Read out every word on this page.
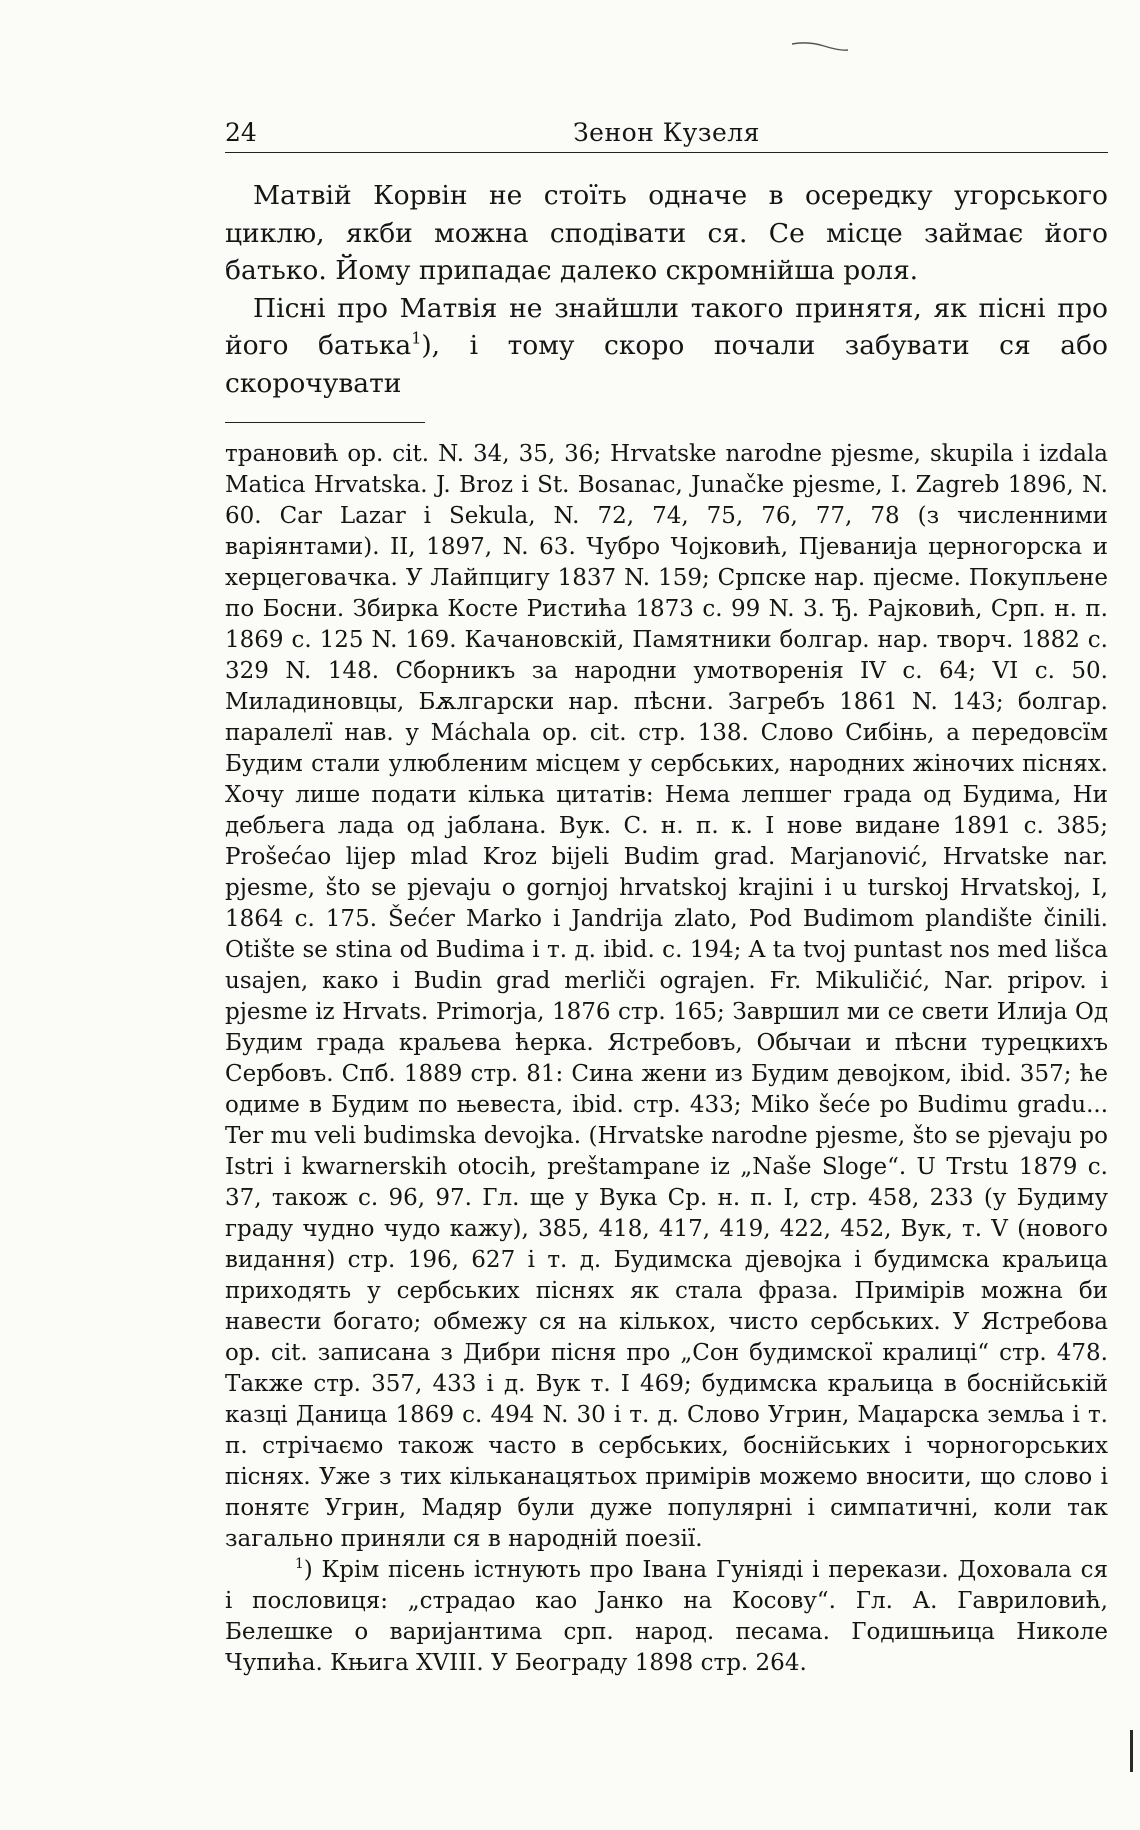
24	Зенон Кузеля

Матвій Корвін не стоїть одначе в осередку угорського циклю, якби можна сподівати ся. Се місце займає його батько. Йому припадає далеко скромнійша роля.

Пісні про Матвія не знайшли такого принятя, як пісні про його батька$^1$), і тому скоро почали забувати ся або скорочувати

трановић op. cit. N. 34, 35, 36; Hrvatske narodne pjesme, skupila i izdala Matica Hrvatska. J. Broz i St. Bosanac, Junačke pjesme, I. Zagreb 1896, N. 60. Car Lazar i Sekula, N. 72, 74, 75, 76, 77, 78 (з численними варіянтами). II, 1897, N. 63. Чубро Чојковић, Пјеванија церногорска и херцеговачка. У Лайпцигу 1837 N. 159; Српске нар. пјесме. Покупљене по Босни. Збирка Косте Ристића 1873 с. 99 N. 3. Ђ. Рајковић, Срп. н. п. 1869 с. 125 N. 169. Качановскій, Памятники болгар. нар. творч. 1882 с. 329 N. 148. Сборникъ за народни умотворенія IV с. 64; VI с. 50. Миладиновцы, Бѫлгарски нар. пѣсни. Загребъ 1861 N. 143; болгар. паралелї нав. у Máchala op. cit. стр. 138. Слово Сибінь, а передовсїм Будим стали улюбленим місцем у сербських, народних жіночих піснях. Хочу лише подати кілька цитатів: Нема лепшег града од Будима, Ни дебљега лада од јаблана. Вук. С. н. п. к. I нове видане 1891 с. 385; Prošećao lijep mlad Kroz bijeli Budim grad. Marjanović, Hrvatske nar. pjesme, što se pjevaju o gornjoj hrvatskoj krajini i u turskoj Hrvatskoj, I, 1864 c. 175. Šećer Marko i Jandrija zlato, Pod Budimom plandište činili. Otište se stina od Budima i т. д. ibid. c. 194; A ta tvoj puntast nos med lišca usajen, како i Budin grad merliči ograjen. Fr. Mikuličić, Nar. pripov. i pjesme iz Hrvats. Primorja, 1876 стр. 165; Завршил ми се свети Илија Од Будим града краљева ћерка. Ястребовъ, Обычаи и пѣсни турецкихъ Сербовъ. Спб. 1889 стр. 81: Сина жени из Будим девојком, ibid. 357; ће одиме в Будим по њевеста, ibid. стр. 433; Miko šeće po Budimu gradu... Ter mu veli budimska devojka. (Hrvatske narodne pjesme, što se pjevaju po Istri i kwarnerskih otocih, preštampane iz „Naše Sloge“. U Trstu 1879 c. 37, також с. 96, 97. Гл. ще у Вука Ср. н. п. I, стр. 458, 233 (у Будиму граду чудно чудо кажу), 385, 418, 417, 419, 422, 452, Вук, т. V (нового видання) стр. 196, 627 і т. д. Будимска дјевојка і будимска краљица приходять у сербських піснях як стала фраза. Примірів можна би навести богато; обмежу ся на кількох, чисто сербських. У Ястребова op. cit. записана з Дибри пісня про „Сон будимскої кралиці“ стр. 478. Также стр. 357, 433 і д. Вук т. I 469; будимска краљица в боснійській казці Даница 1869 с. 494 N. 30 і т. д. Слово Угрин, Маџарска земља і т. п. стрічаємо також часто в сербських, боснійських і чорногорських піснях. Уже з тих кільканацятьох примірів можемо вносити, що слово і понятє Угрин, Мадяр були дуже популярні і симпатичні, коли так загально приняли ся в народній поезії.

$^1$) Крім пісень істнують про Івана Гуніяді і перекази. Доховала ся і пословиця: „страдао као Јанко на Косову“. Гл. А. Гавриловић, Белешке о варијантима срп. народ. песама. Годишњица Николе Чупића. Књига XVIII. У Београду 1898 стр. 264.
